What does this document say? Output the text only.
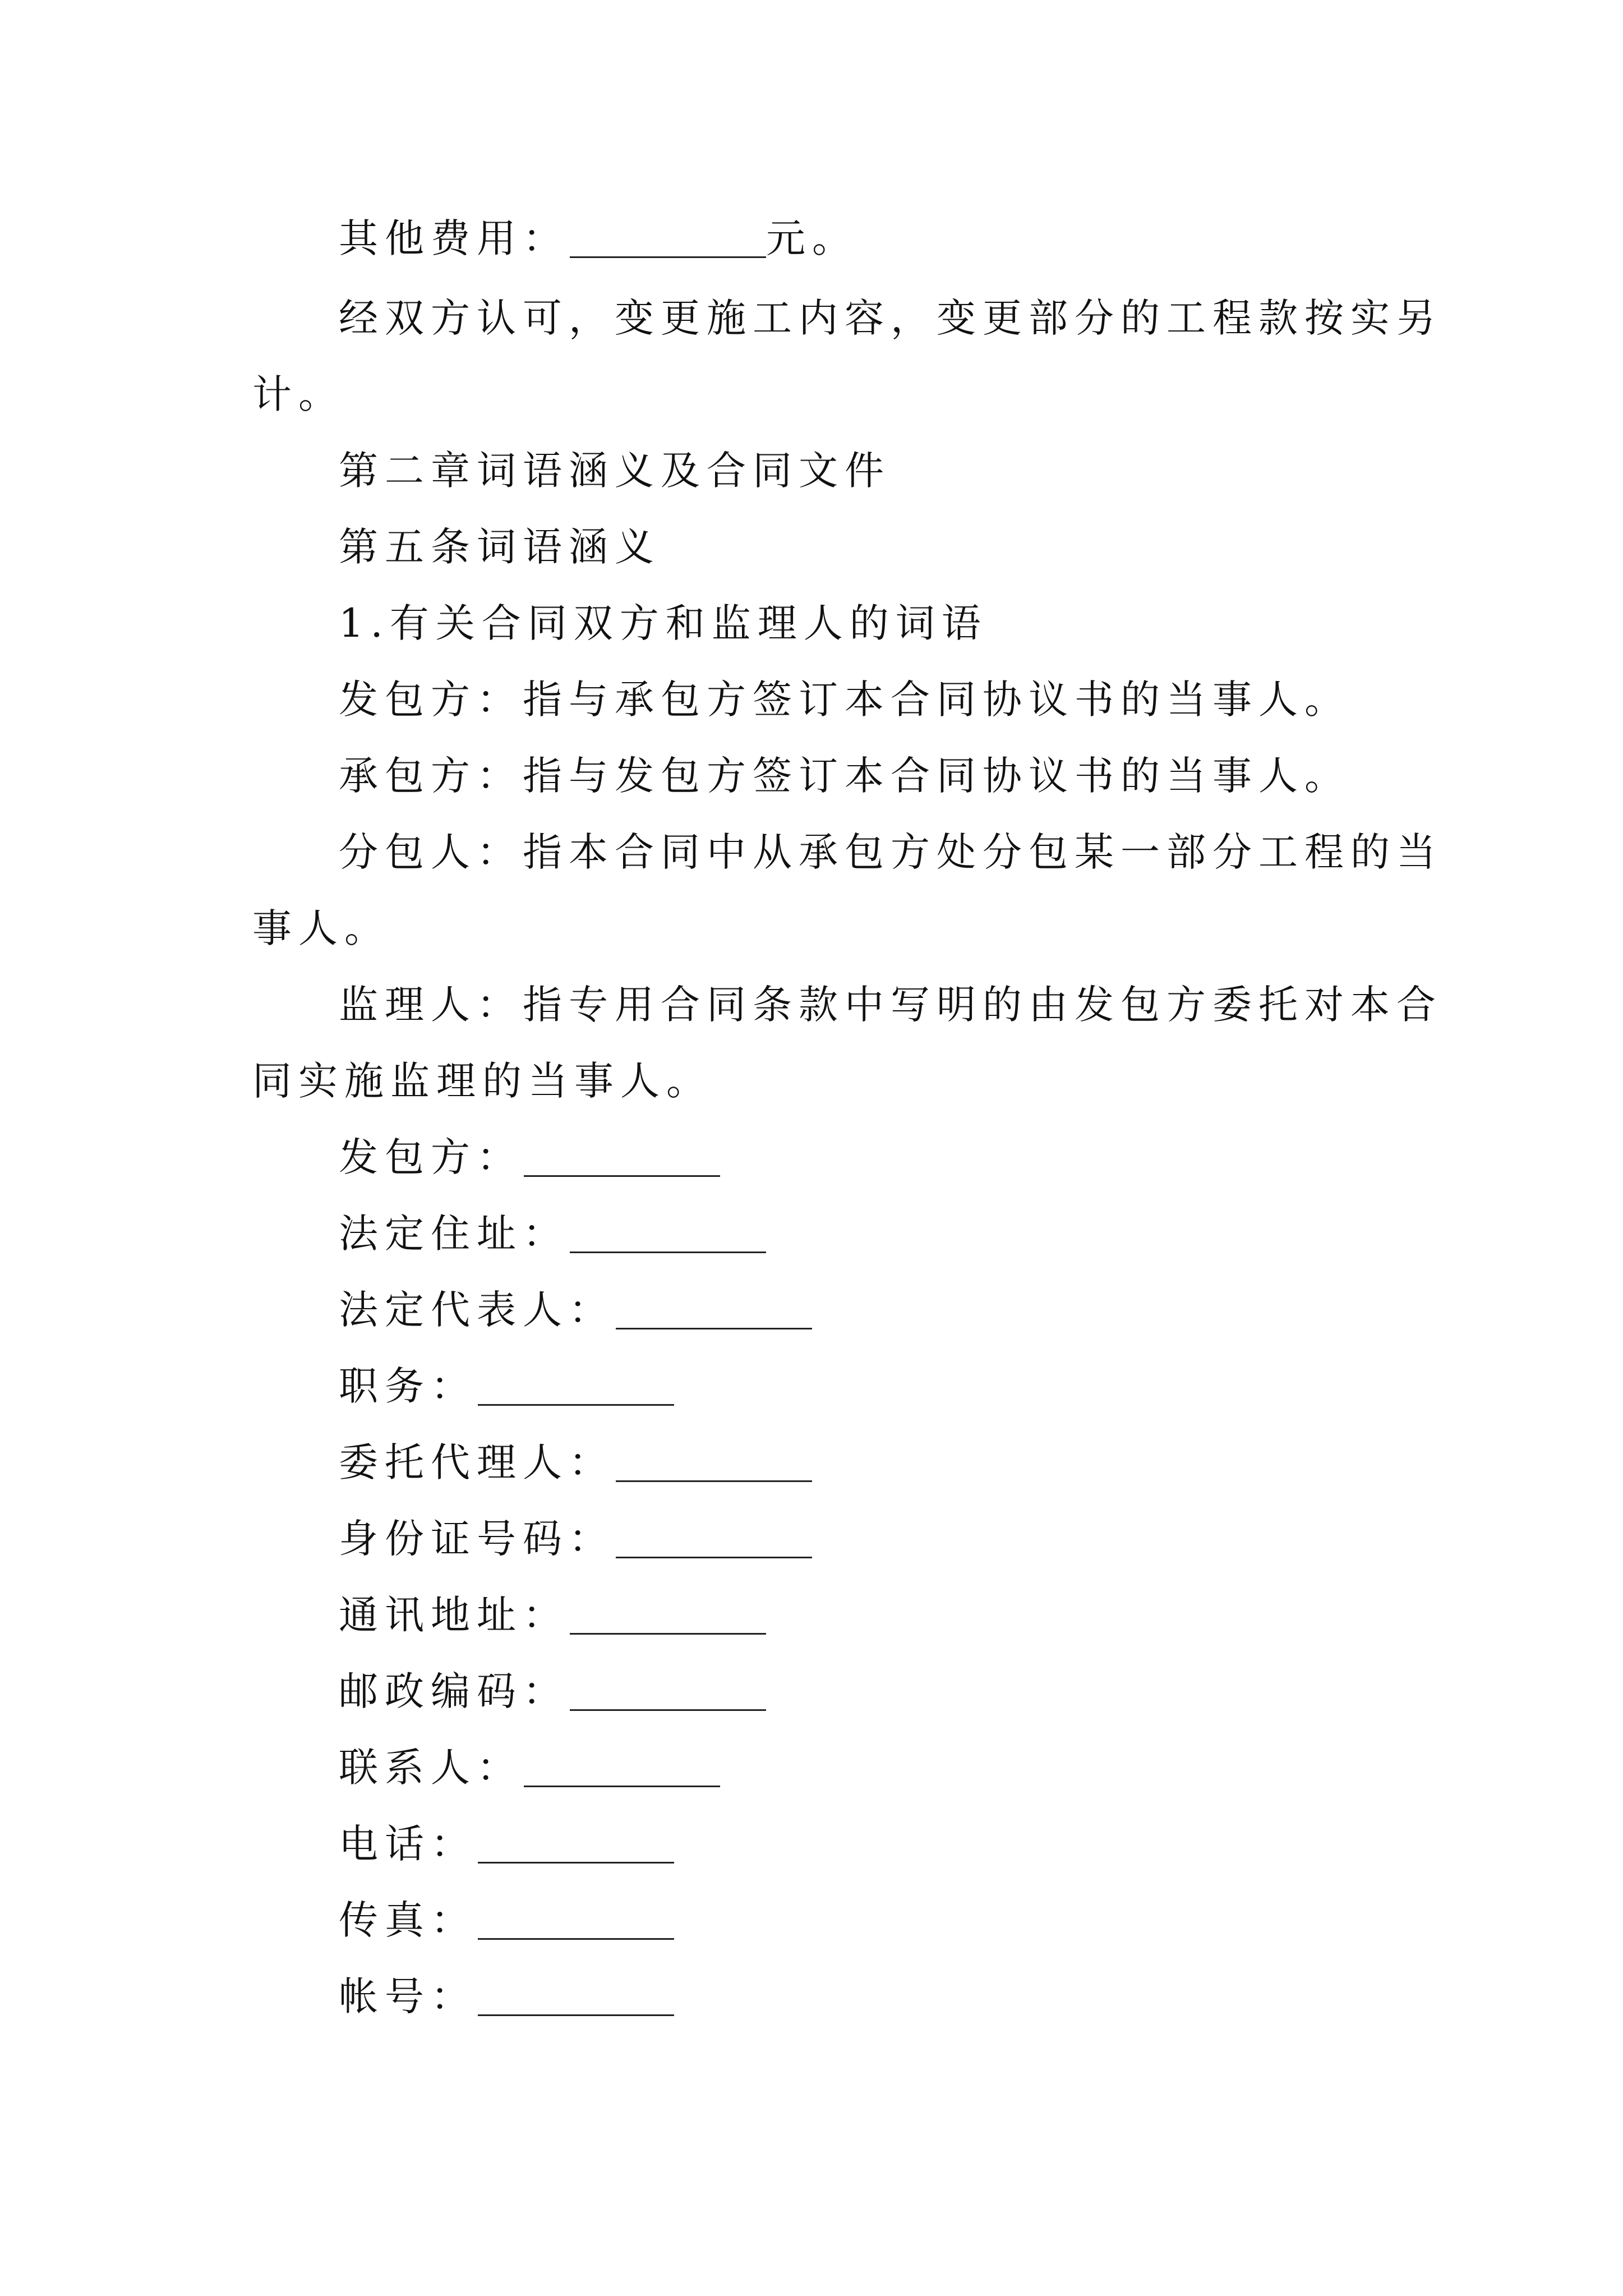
其他费用：	元。
经双方认可，变更施工内容，变更部分的工程款按实另
计。
第二章词语涵义及合同文件
第五条词语涵义
1.有关合同双方和监理人的词语
发包方：指与承包方签订本合同协议书的当事人。
承包方：指与发包方签订本合同协议书的当事人。
分包人：指本合同中从承包方处分包某一部分工程的当
事人。
监理人：指专用合同条款中写明的由发包方委托对本合
同实施监理的当事人。
发包方：
法定住址：
法定代表人：
职务：
委托代理人：
身份证号码：
通讯地址：
邮政编码：
联系人：
电话：
传真：
帐号：
